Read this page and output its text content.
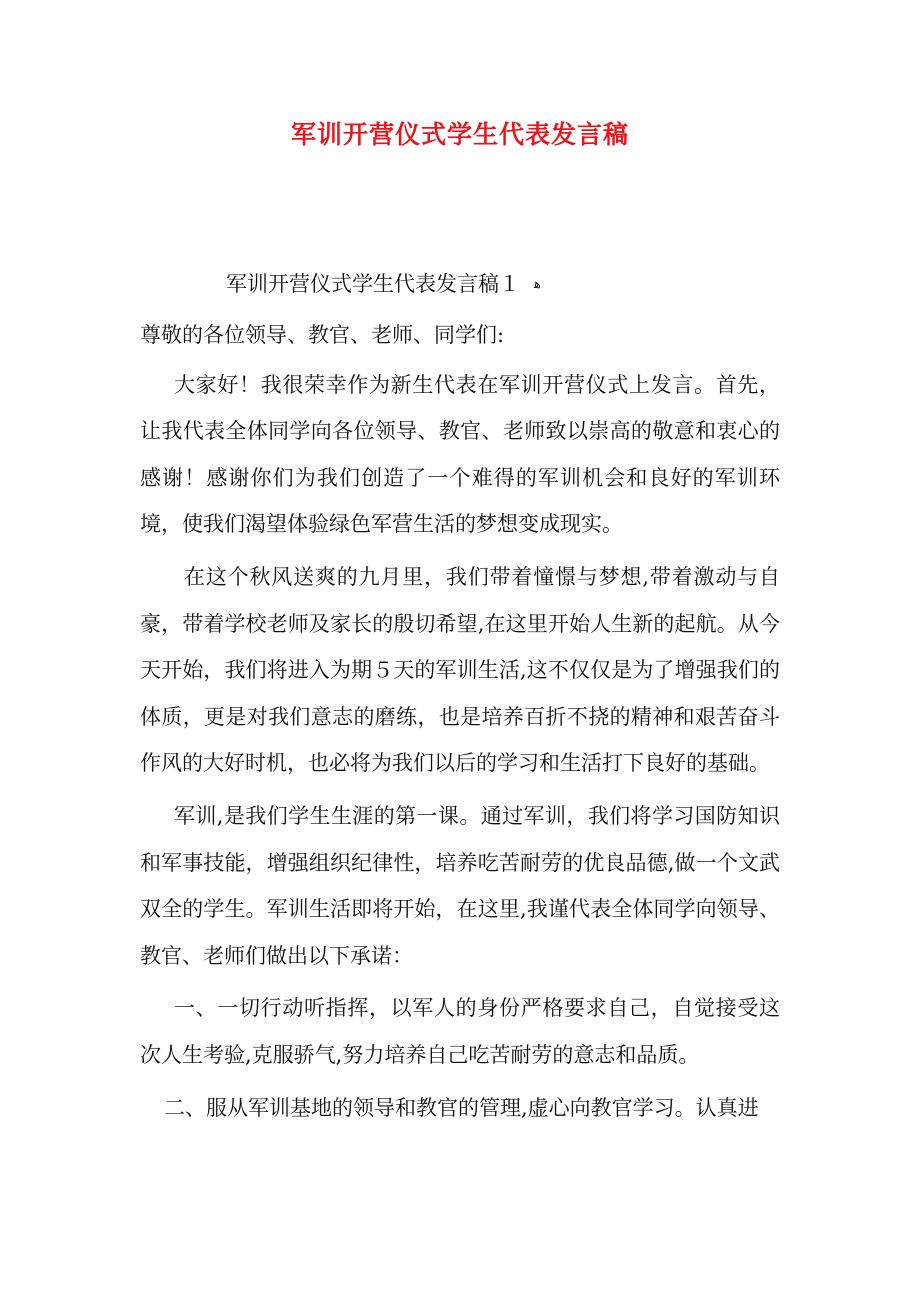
军训开营仪式学生代表发言稿
军训开营仪式学生代表发言稿１ ﻫ

尊敬的各位领导、教官、老师、同学们:

大家好！我很荣幸作为新生代表在军训开营仪式上发言。首先，让我代表全体同学向各位领导、教官、老师致以崇高的敬意和衷心的感谢！感谢你们为我们创造了一个难得的军训机会和良好的军训环境，使我们渴望体验绿色军营生活的梦想变成现实。

在这个秋风送爽的九月里，我们带着憧憬与梦想,带着激动与自豪，带着学校老师及家长的殷切希望,在这里开始人生新的起航。从今天开始，我们将进入为期５天的军训生活,这不仅仅是为了增强我们的体质，更是对我们意志的磨练，也是培养百折不挠的精神和艰苦奋斗作风的大好时机，也必将为我们以后的学习和生活打下良好的基础。

军训,是我们学生生涯的第一课。通过军训，我们将学习国防知识和军事技能，增强组织纪律性，培养吃苦耐劳的优良品德,做一个文武双全的学生。军训生活即将开始，在这里,我谨代表全体同学向领导、教官、老师们做出以下承诺：

一、一切行动听指挥，以军人的身份严格要求自己，自觉接受这次人生考验,克服骄气,努力培养自己吃苦耐劳的意志和品质。

二、服从军训基地的领导和教官的管理,虚心向教官学习。认真进
